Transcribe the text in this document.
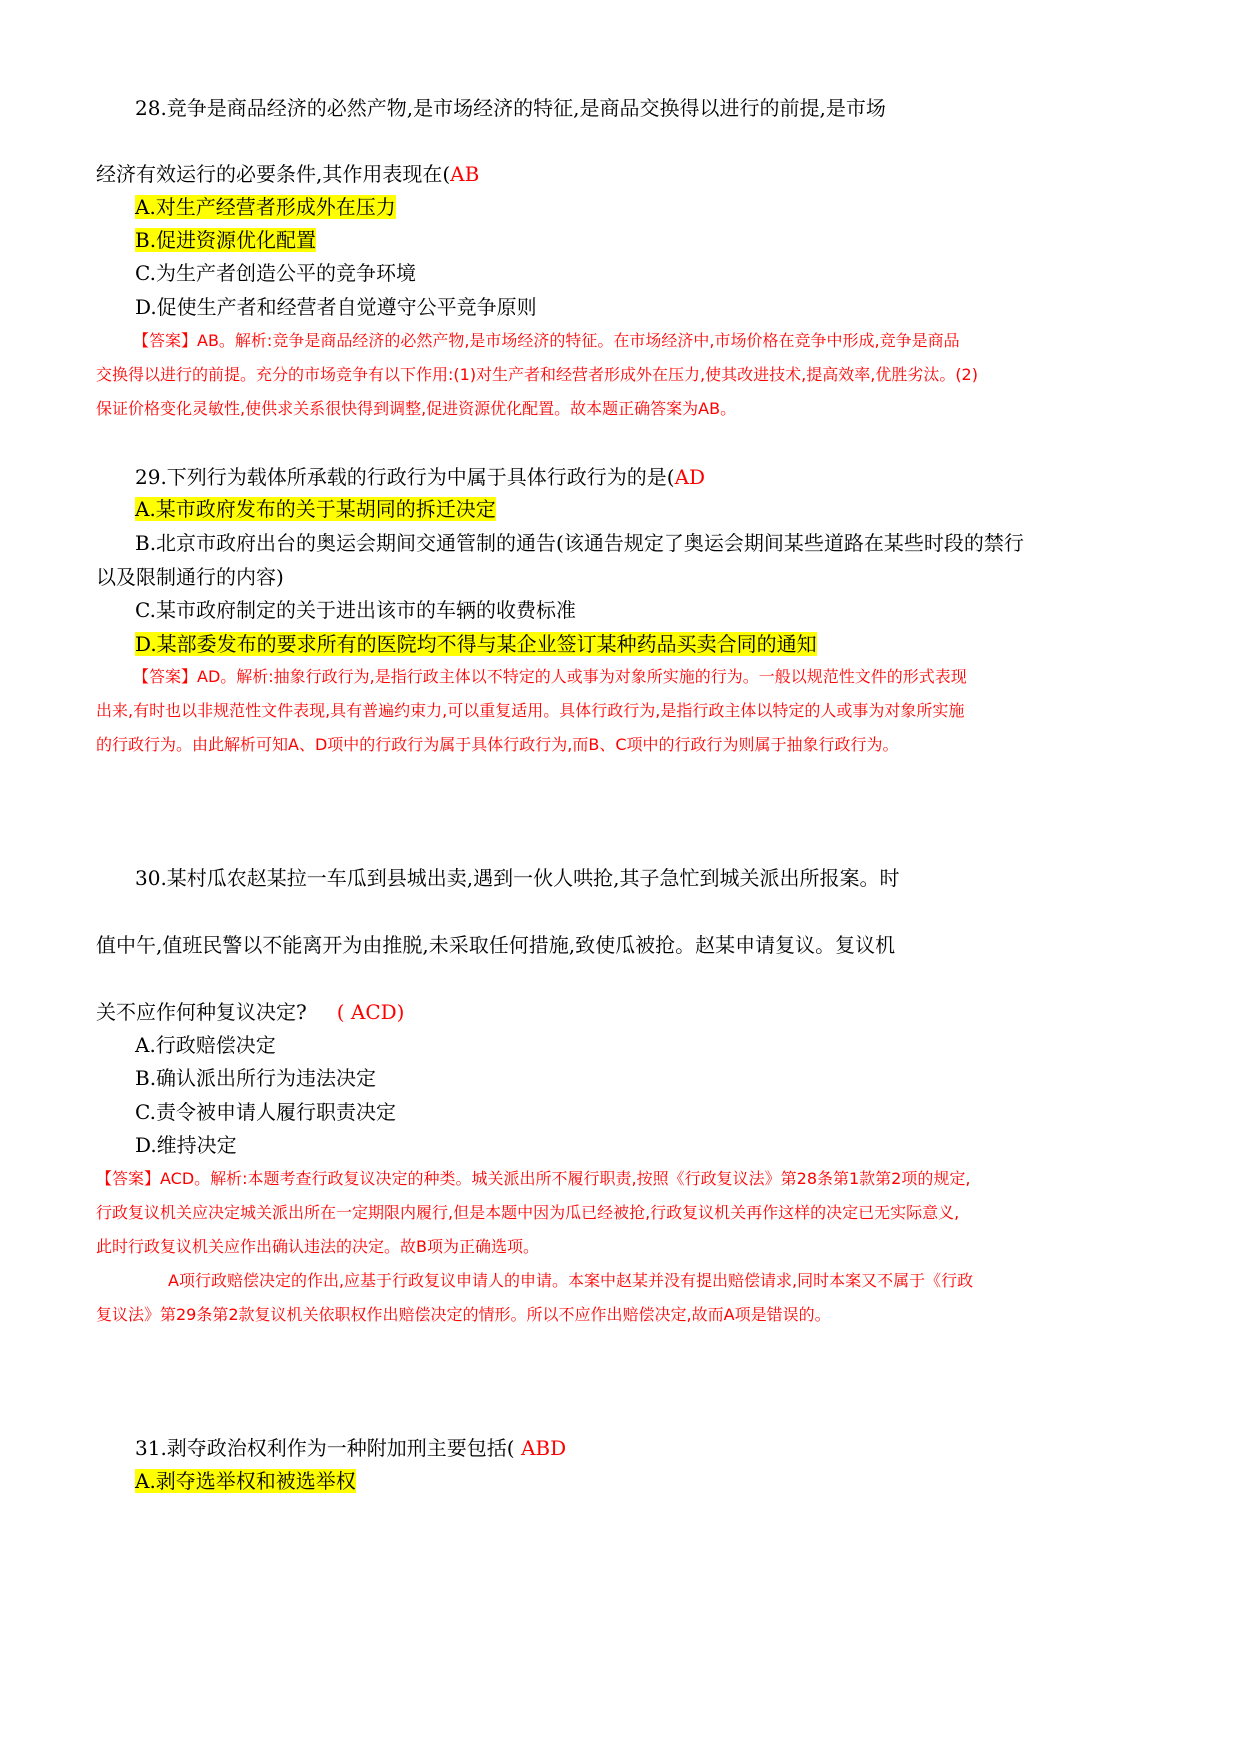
28.竞争是商品经济的必然产物,是市场经济的特征,是商品交换得以进行的前提,是市场
经济有效运行的必要条件,其作用表现在(AB
A.对生产经营者形成外在压力
B.促进资源优化配置
C.为生产者创造公平的竞争环境
D.促使生产者和经营者自觉遵守公平竞争原则
【答案】AB。解析:竞争是商品经济的必然产物,是市场经济的特征。在市场经济中,市场价格在竞争中形成,竞争是商品
交换得以进行的前提。充分的市场竞争有以下作用:(1)对生产者和经营者形成外在压力,使其改进技术,提高效率,优胜劣汰。(2)
保证价格变化灵敏性,使供求关系很快得到调整,促进资源优化配置。故本题正确答案为AB。
29.下列行为载体所承载的行政行为中属于具体行政行为的是(AD
A.某市政府发布的关于某胡同的拆迁决定
B.北京市政府出台的奥运会期间交通管制的通告(该通告规定了奥运会期间某些道路在某些时段的禁行
以及限制通行的内容)
C.某市政府制定的关于进出该市的车辆的收费标准
D.某部委发布的要求所有的医院均不得与某企业签订某种药品买卖合同的通知
【答案】AD。解析:抽象行政行为,是指行政主体以不特定的人或事为对象所实施的行为。一般以规范性文件的形式表现
出来,有时也以非规范性文件表现,具有普遍约束力,可以重复适用。具体行政行为,是指行政主体以特定的人或事为对象所实施
的行政行为。由此解析可知A、D项中的行政行为属于具体行政行为,而B、C项中的行政行为则属于抽象行政行为。
30.某村瓜农赵某拉一车瓜到县城出卖,遇到一伙人哄抢,其子急忙到城关派出所报案。时
值中午,值班民警以不能离开为由推脱,未采取任何措施,致使瓜被抢。赵某申请复议。复议机
关不应作何种复议决定? ( ACD)
A.行政赔偿决定
B.确认派出所行为违法决定
C.责令被申请人履行职责决定
D.维持决定
【答案】ACD。解析:本题考查行政复议决定的种类。城关派出所不履行职责,按照《行政复议法》第28条第1款第2项的规定,
行政复议机关应决定城关派出所在一定期限内履行,但是本题中因为瓜已经被抢,行政复议机关再作这样的决定已无实际意义,
此时行政复议机关应作出确认违法的决定。故B项为正确选项。
A项行政赔偿决定的作出,应基于行政复议申请人的申请。本案中赵某并没有提出赔偿请求,同时本案又不属于《行政
复议法》第29条第2款复议机关依职权作出赔偿决定的情形。所以不应作出赔偿决定,故而A项是错误的。
31.剥夺政治权利作为一种附加刑主要包括( ABD
A.剥夺选举权和被选举权
